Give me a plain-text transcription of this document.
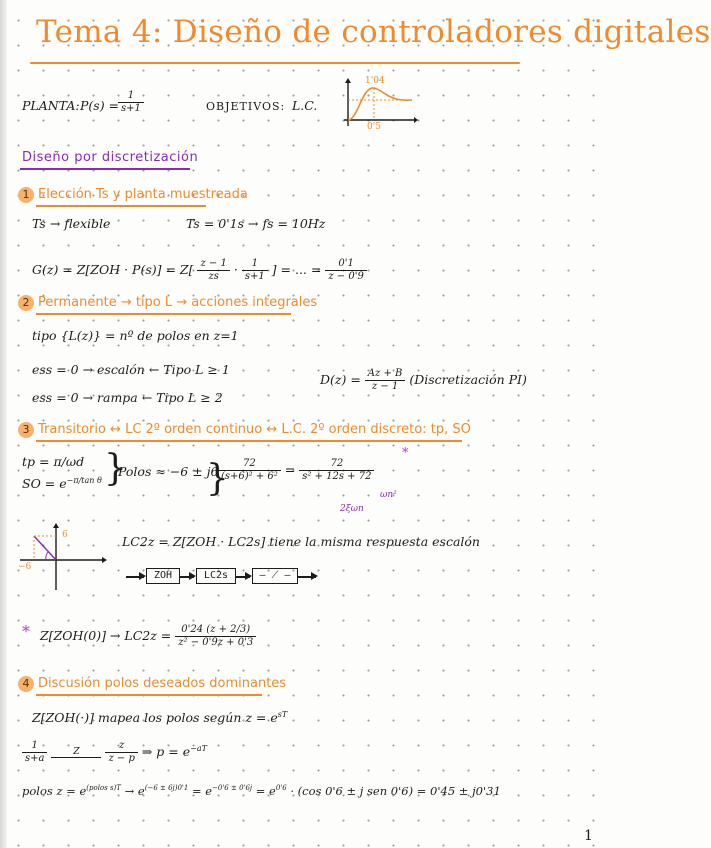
Tema 4: Diseño de controladores digitales
PLANTA: P(s) =
$\frac{1}{s+1}$	OBJETIVOS: L.C.
1'04
0'5
Diseño por discretización
1 Elección Ts y planta muestreada
Ts → flexible	Ts = 0'1s → fs = 10Hz
$G(z) = Z[ZOH \cdot P(s)] = Z[ \frac{z - 1}{zs} \cdot \frac{1}{s+1}$ ] = ... = $\frac{0'1}{z - 0'9}$
2 Permanente → tipo L → acciones integrales
tipo {L(z)} = nº de polos en z=1
ess = 0 → escalón ← Tipo L ≥ 1
ess = 0 → rampa ← Tipo L ≥ 2
$D(z) = \frac{Az + B}{z - 1}$ (Discretización PI)
3 Transitorio ↔ LC 2º orden continuo ↔ L.C. 2º orden discreto: tp, SO
tp = π/ωd
SO = $e^{-\pi/tan \theta}$ }
Polos ≈ −6 ± j6
}
$\frac{72}{\text{(s+6)² + 6²}} = \frac{72}{\text{s² + 12s + 72}}$
*
ωn²
2ξωn
6
−6
LC2z = Z[ZOH · LC2s] tiene la misma respuesta escalón
ZOH	LC2s	— ⟋ —
* $Z[ZOH(0)] \to LC2z = \frac{0'24 (z + 2/3)}{\text{z² − 0'9z + 0'3}}$
4 Discusión polos deseados dominantes
Z[ZOH(·)] mapea los polos según $z = e^{sT}$
$\frac{1}{s+a}$	Z	$\frac{z}{z - p}$ ⇒ $p = e^{-aT}$
polos $z = e^{(polos s)T} \to e^{(-6 \pm 6j)0'1} = e^{-0'6 \pm 0'6j} = e^{0'6} \cdot (\cos$ 0'6 ± j sen 0'6) = 0'45 ± j0'31
1
